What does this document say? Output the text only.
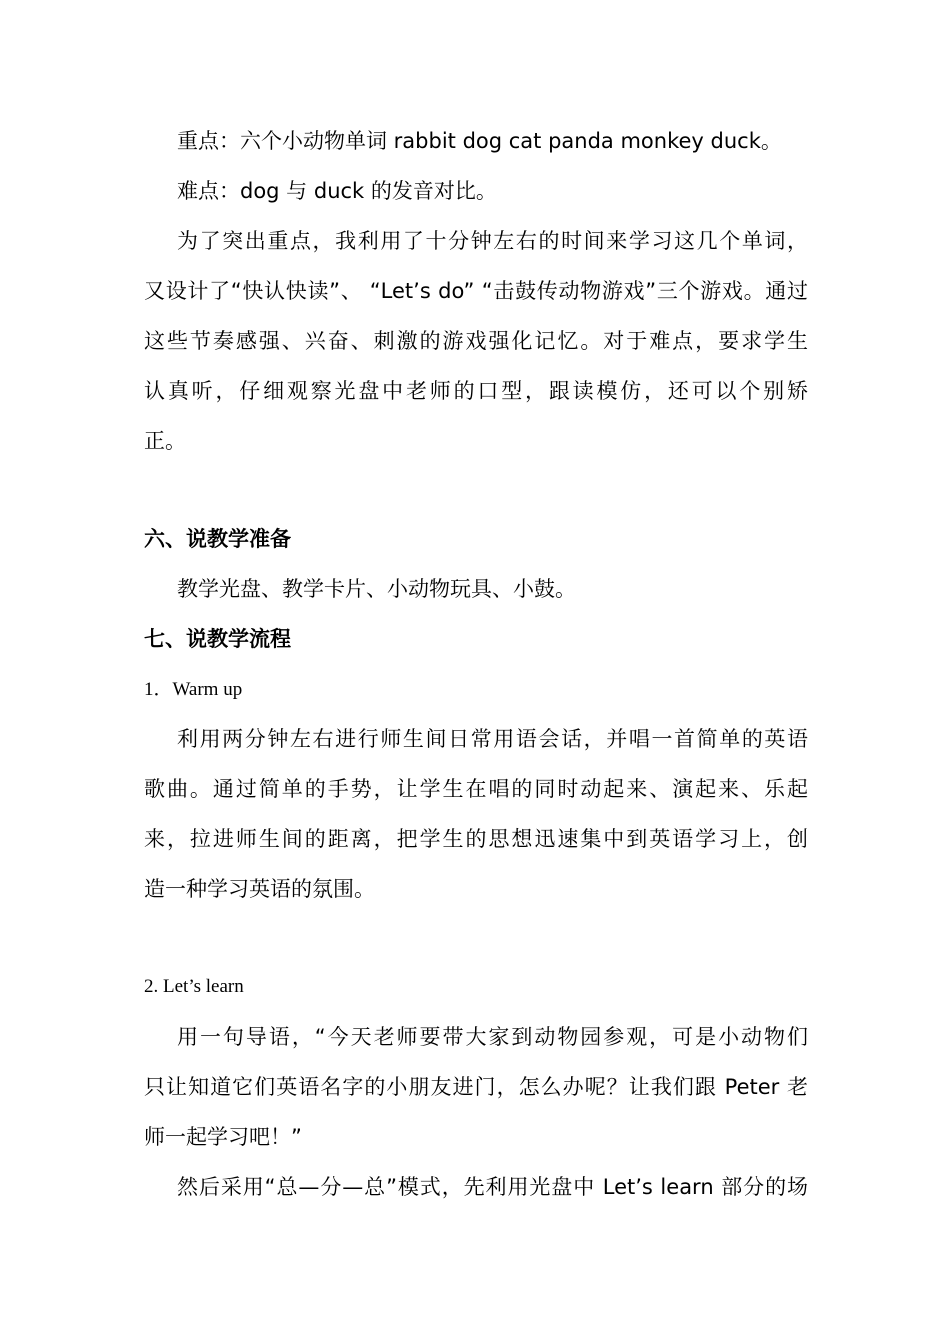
重点：六个小动物单词 rabbit dog cat panda monkey duck。
难点：dog 与 duck 的发音对比。
为了突出重点，我利用了十分钟左右的时间来学习这几个单词，
又设计了“快认快读”、 “Let’s do” “击鼓传动物游戏”三个游戏。通过
这些节奏感强、兴奋、刺激的游戏强化记忆。对于难点，要求学生
认真听，仔细观察光盘中老师的口型，跟读模仿，还可以个别矫
正。
六、说教学准备
教学光盘、教学卡片、小动物玩具、小鼓。
七、说教学流程
1．Warm up
利用两分钟左右进行师生间日常用语会话，并唱一首简单的英语
歌曲。通过简单的手势，让学生在唱的同时动起来、演起来、乐起
来，拉进师生间的距离，把学生的思想迅速集中到英语学习上，创
造一种学习英语的氛围。
2. Let’s learn
用一句导语，“今天老师要带大家到动物园参观，可是小动物们
只让知道它们英语名字的小朋友进门，怎么办呢？让我们跟 Peter 老
师一起学习吧！”
然后采用“总—分—总”模式，先利用光盘中 Let’s learn 部分的场
